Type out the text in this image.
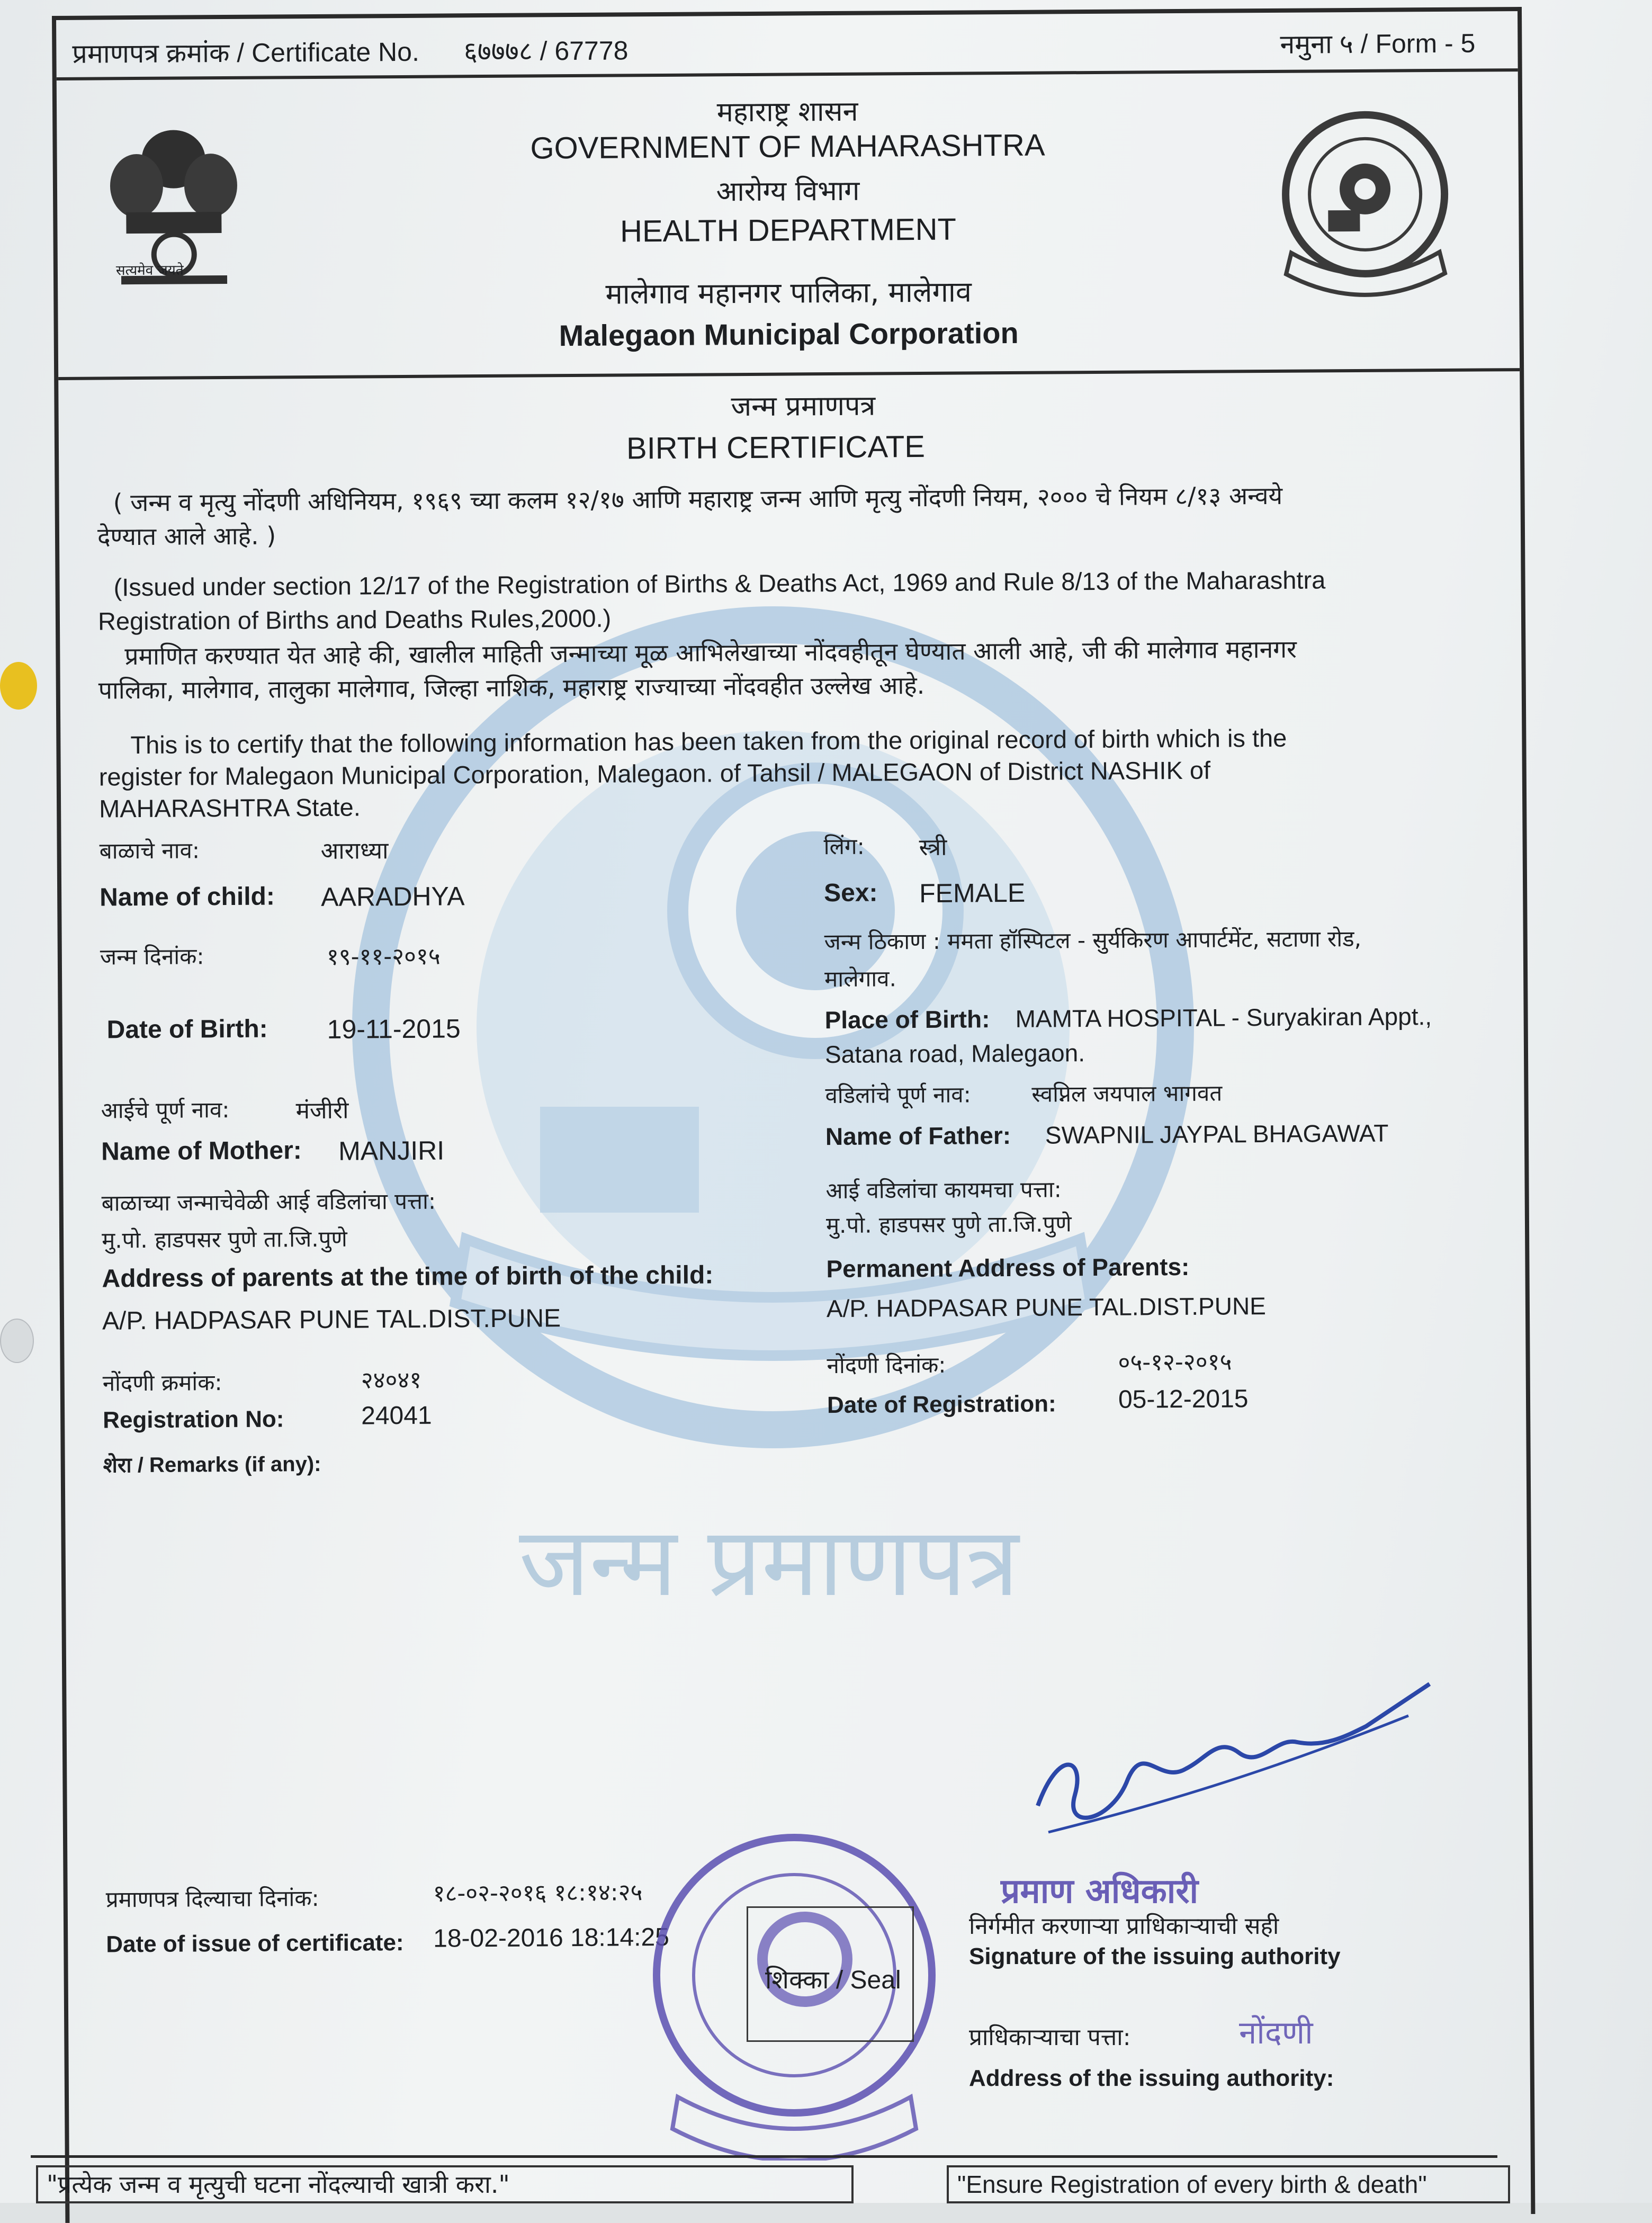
जन्म प्रमाणपत्र
प्रमाणपत्र क्रमांक / Certificate No. ६७७७८ / 67778	नमुना ५ / Form - 5
सत्यमेव जयते
महाराष्ट्र शासन
GOVERNMENT OF MAHARASHTRA
आरोग्य विभाग
HEALTH DEPARTMENT
मालेगाव महानगर पालिका, मालेगाव
Malegaon Municipal Corporation
जन्म प्रमाणपत्र
BIRTH CERTIFICATE
( जन्म व मृत्यु नोंदणी अधिनियम, १९६९ च्या कलम १२/१७ आणि महाराष्ट्र जन्म आणि मृत्यु नोंदणी नियम, २००० चे नियम ८/१३ अन्वये
देण्यात आले आहे. )
(Issued under section 12/17 of the Registration of Births & Deaths Act, 1969 and Rule 8/13 of the Maharashtra
Registration of Births and Deaths Rules,2000.)
प्रमाणित करण्यात येत आहे की, खालील माहिती जन्माच्या मूळ आभिलेखाच्या नोंदवहीतून घेण्यात आली आहे, जी की मालेगाव महानगर
पालिका, मालेगाव, तालुका मालेगाव, जिल्हा नाशिक, महाराष्ट्र राज्याच्या नोंदवहीत उल्लेख आहे.
This is to certify that the following information has been taken from the original record of birth which is the
register for Malegaon Municipal Corporation, Malegaon. of Tahsil / MALEGAON of District NASHIK of
MAHARASHTRA State.
बाळाचे नाव:	आराध्या
Name of child: AARADHYA
जन्म दिनांक:	१९-११-२०१५
Date of Birth: 19-11-2015
आईचे पूर्ण नाव:	मंजीरी
Name of Mother: MANJIRI
बाळाच्या जन्माचेवेळी आई वडिलांचा पत्ता:
मु.पो. हाडपसर पुणे ता.जि.पुणे
Address of parents at the time of birth of the child:
A/P. HADPASAR PUNE TAL.DIST.PUNE
नोंदणी क्रमांक:	२४०४१
Registration No:	24041
शेरा / Remarks (if any):
लिंग: स्त्री
Sex: FEMALE
जन्म ठिकाण : ममता हॉस्पिटल - सुर्यकिरण आपार्टमेंट, सटाणा रोड,
मालेगाव.
Place of Birth: MAMTA HOSPITAL - Suryakiran Appt.,
Satana road, Malegaon.
वडिलांचे पूर्ण नाव:	स्वप्निल जयपाल भागवत
Name of Father: SWAPNIL JAYPAL BHAGAWAT
आई वडिलांचा कायमचा पत्ता:
मु.पो. हाडपसर पुणे ता.जि.पुणे
Permanent Address of Parents:
A/P. HADPASAR PUNE TAL.DIST.PUNE
नोंदणी दिनांक:	०५-१२-२०१५
Date of Registration: 05-12-2015
प्रमाणपत्र दिल्याचा दिनांक:	१८-०२-२०१६ १८:१४:२५
Date of issue of certificate: 18-02-2016 18:14:25
शिक्का / Seal
प्रमाण अधिकारी
निर्गमीत करणाऱ्या प्राधिकाऱ्याची सही
Signature of the issuing authority
प्राधिकाऱ्याचा पत्ता:	नोंदणी
Address of the issuing authority:
"प्रत्येक जन्म व मृत्युची घटना नोंदल्याची खात्री करा."	"Ensure Registration of every birth & death"
